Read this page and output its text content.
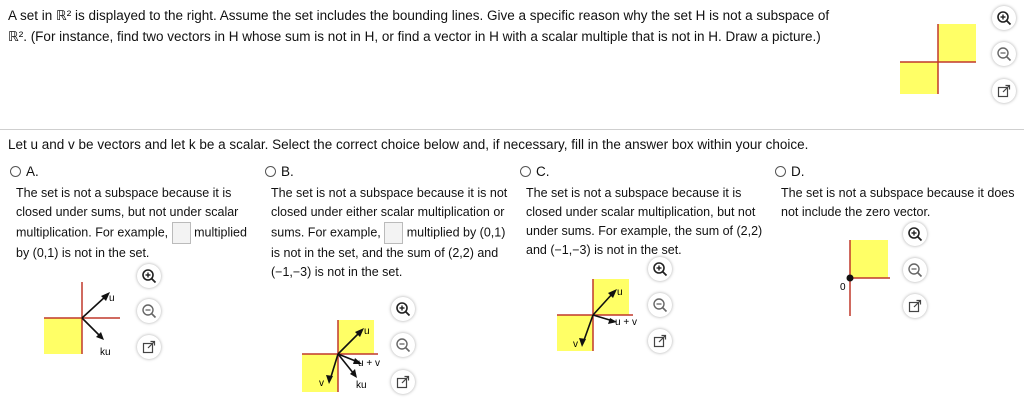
A set in ℝ² is displayed to the right. Assume the set includes the bounding lines. Give a specific reason why the set H is not a subspace of
ℝ². (For instance, find two vectors in H whose sum is not in H, or find a vector in H with a scalar multiple that is not in H. Draw a picture.)
Let u and v be vectors and let k be a scalar. Select the correct choice below and, if necessary, fill in the answer box within your choice.
A.
The set is not a subspace because it is closed under sums, but not under scalar multiplication. For example, multiplied by (0,1) is not in the set.
u
ku
B.
The set is not a subspace because it is not closed under either scalar multiplication or sums. For example, multiplied by (0,1) is not in the set, and the sum of (2,2) and (−1,−3) is not in the set.
u
u + v
v	ku
C.
The set is not a subspace because it is closed under scalar multiplication, but not under sums. For example, the sum of (2,2) and (−1,−3) is not in the set.
u
u + v
v
D.
The set is not a subspace because it does not include the zero vector.
0
